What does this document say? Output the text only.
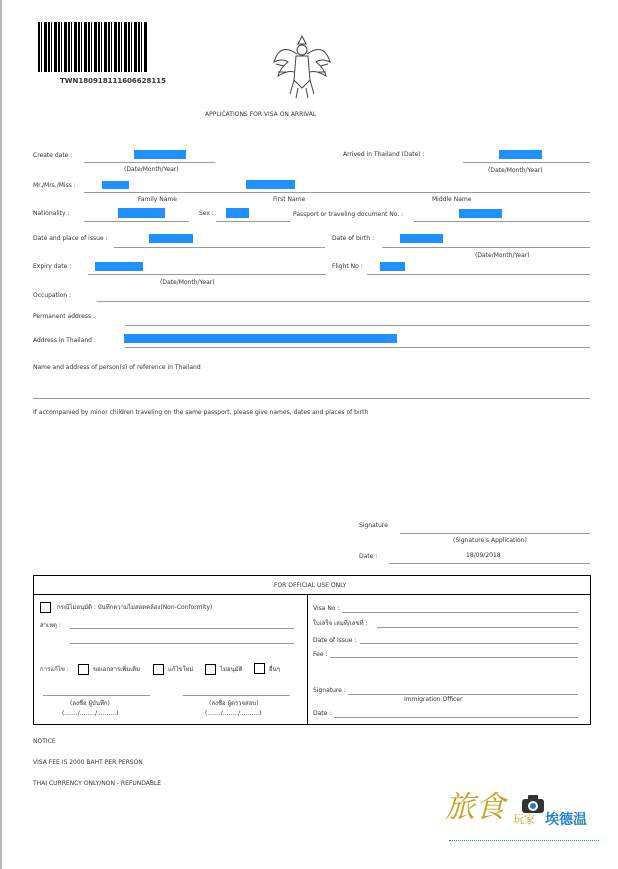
TWN180918111606628115
APPLICATIONS FOR VISA ON ARRIVAL
Create date :
(Date/Month/Year)
Arrived in Thailand (Date) :
(Date/Month/Year)
Mr./Mrs./Miss :
Family Name	First Name	Middle Name
Nationality :	Sex :	Passport or traveling document No. :
Date and place of issue :	Date of birth :
(Date/Month/Year)
Expiry date :
(Date/Month/Year)
Flight No :
Occupation :
Permanent address :
Address in Thailand :
Name and address of person(s) of reference in Thailand
If accompanied by minor children traveling on the same passport, please give names, dates and places of birth
Signature
(Signature's Application)
Date :	18/09/2018
FOR OFFICIAL USE ONLY
กรณีไม่อนุมัติ : บันทึกความไม่สอดคล้อง(Non-Conformity)
สาเหตุ :
การแก้ไข :	ขอเอกสารเพิ่มเติม	แก้ไขใหม่	ไม่อนุมัติ	อื่นๆ
(ลงชื่อ ผู้บันทึก)
(......./......../..........)
(ลงชื่อ ผู้ตรวจสอบ)
(......./......../..........)
Visa No :
ใบเสร็จ เล่มที่/เลขที่ :
Date of Issue :
Fee :
Signature :
Immigration Officer
Date :
NOTICE
VISA FEE IS 2000 BAHT PER PERSON
THAI CURRENCY ONLY/NON - REFUNDABLE
旅食 玩家 埃德温
